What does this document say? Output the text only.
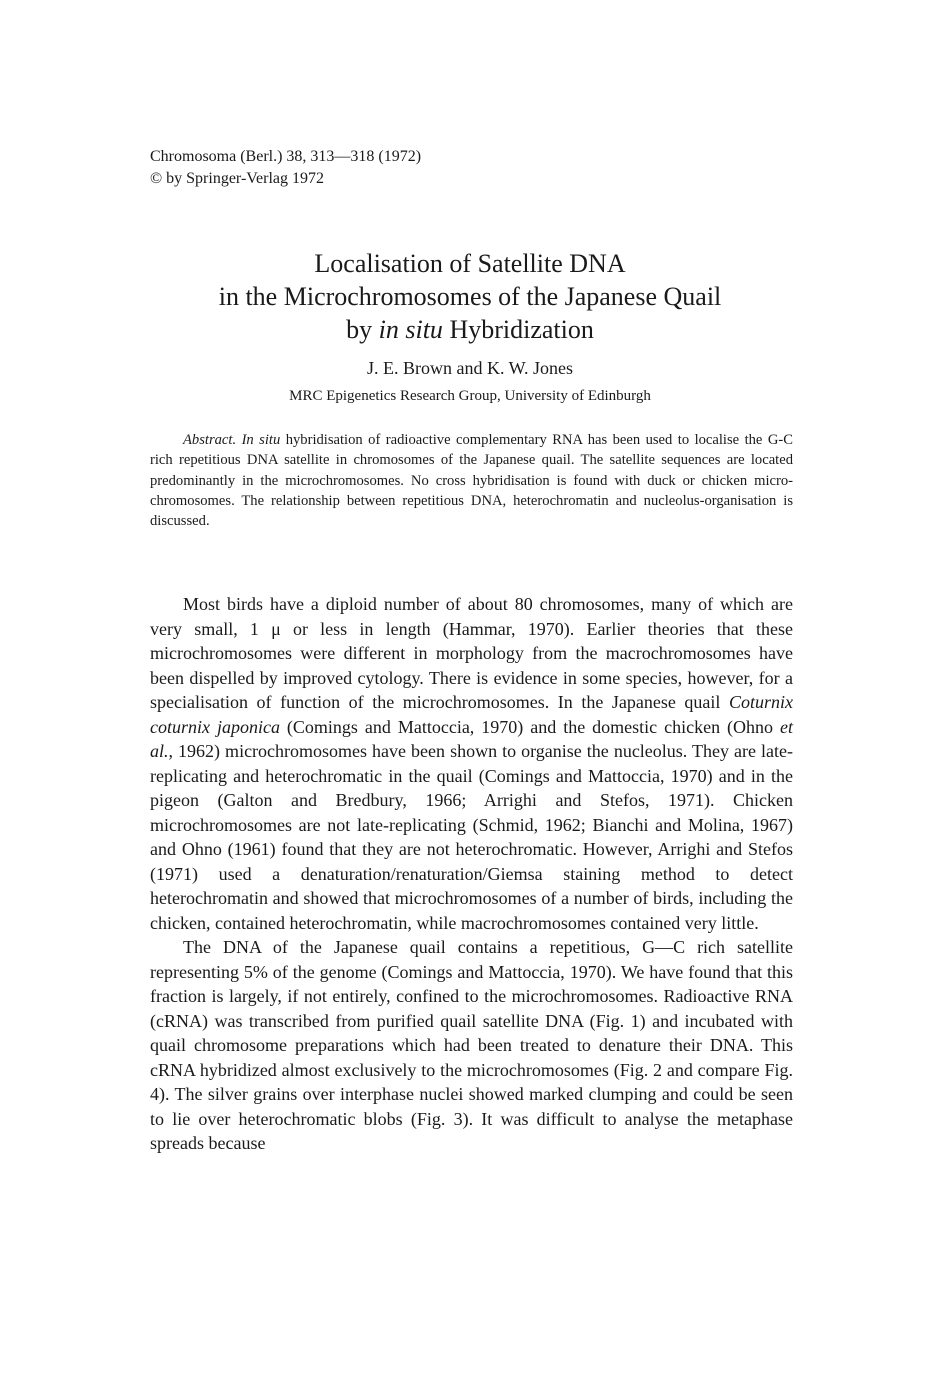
Chromosoma (Berl.) 38, 313—318 (1972)
© by Springer-Verlag 1972
Localisation of Satellite DNA
in the Microchromosomes of the Japanese Quail
by in situ Hybridization
J. E. Brown and K. W. Jones
MRC Epigenetics Research Group, University of Edinburgh

Abstract. In situ hybridisation of radioactive complementary RNA has been used to localise the G-C rich repetitious DNA satellite in chromosomes of the Japanese quail. The satellite sequences are located predominantly in the microchromosomes. No cross hybridisation is found with duck or chicken micro-chromosomes. The relationship between repetitious DNA, heterochromatin and nucleolus-organisation is discussed.

Most birds have a diploid number of about 80 chromosomes, many of which are very small, 1 μ or less in length (Hammar, 1970). Earlier theories that these microchromosomes were different in morphology from the macrochromosomes have been dispelled by improved cytology. There is evidence in some species, however, for a specialisation of function of the microchromosomes. In the Japanese quail Coturnix coturnix japonica (Comings and Mattoccia, 1970) and the domestic chicken (Ohno et al., 1962) microchromosomes have been shown to organise the nucleolus. They are late-replicating and heterochromatic in the quail (Comings and Mattoccia, 1970) and in the pigeon (Galton and Bredbury, 1966; Arrighi and Stefos, 1971). Chicken microchromosomes are not late-replicating (Schmid, 1962; Bianchi and Molina, 1967) and Ohno (1961) found that they are not heterochromatic. However, Arrighi and Stefos (1971) used a denaturation/renaturation/Giemsa staining method to detect heterochromatin and showed that microchromosomes of a number of birds, including the chicken, contained heterochromatin, while macrochromosomes contained very little.

The DNA of the Japanese quail contains a repetitious, G—C rich satellite representing 5% of the genome (Comings and Mattoccia, 1970). We have found that this fraction is largely, if not entirely, confined to the microchromosomes. Radioactive RNA (cRNA) was transcribed from purified quail satellite DNA (Fig. 1) and incubated with quail chromosome preparations which had been treated to denature their DNA. This cRNA hybridized almost exclusively to the microchromosomes (Fig. 2 and compare Fig. 4). The silver grains over interphase nuclei showed marked clumping and could be seen to lie over heterochromatic blobs (Fig. 3). It was difficult to analyse the metaphase spreads because
